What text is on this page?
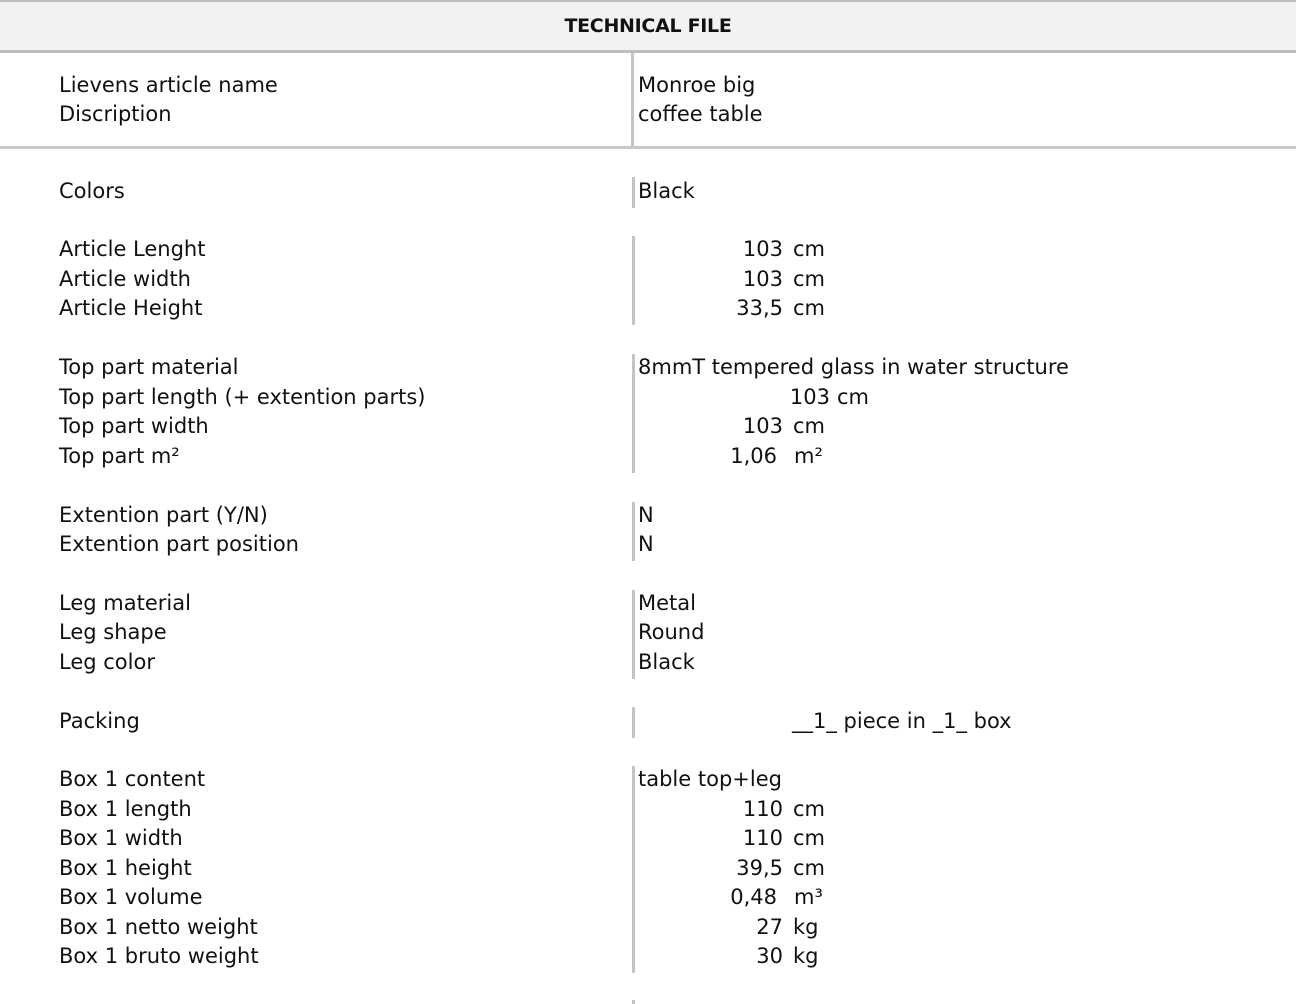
TECHNICAL FILE
Lievens article name	Monroe big
Discription	coffee table
Colors	Black
Article Lenght	103 cm
Article width	103 cm
Article Height	33,5 cm
Top part material	8mmT tempered glass in water structure
Top part length (+ extention parts)	103 cm
Top part width	103 cm
Top part m²	1,06 m²
Extention part (Y/N)	N
Extention part position	N
Leg material	Metal
Leg shape	Round
Leg color	Black
Packing	__1_ piece in _1_ box
Box 1 content	table top+leg
Box 1 length	110 cm
Box 1 width	110 cm
Box 1 height	39,5 cm
Box 1 volume	0,48 m³
Box 1 netto weight	27 kg
Box 1 bruto weight	30 kg
